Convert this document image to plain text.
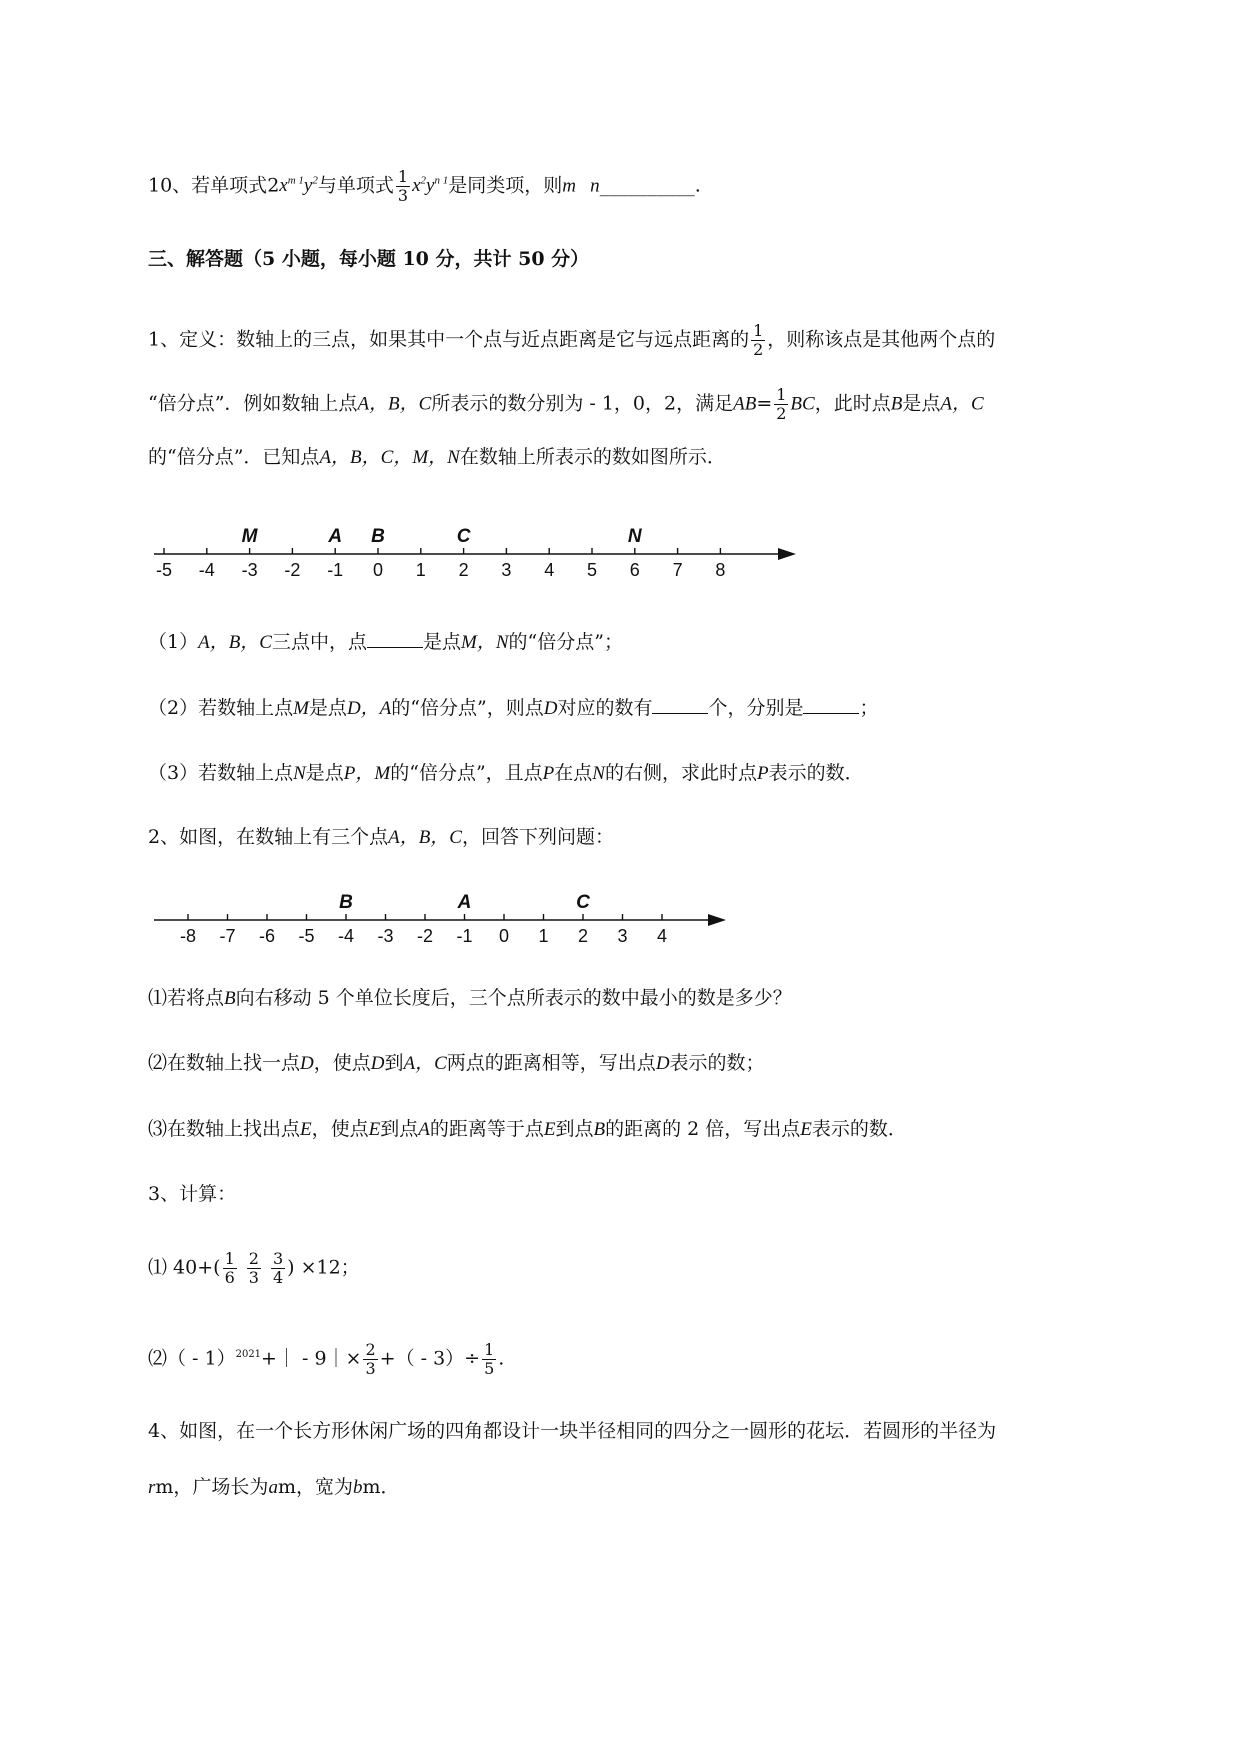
10、若单项式$2x^{m 1}y^2$与单项式 $\frac{1}{3} x^2y^{n 1}$是同类项，则m   n__________.
三、解答题（5 小题，每小题 10 分，共计 50 分）
1、定义：数轴上的三点，如果其中一个点与近点距离是它与远点距离的 $\frac{1}{2}$ ，则称该点是其他两个点的
“倍分点”．例如数轴上点A，B，C所表示的数分别为 - 1，0，2，满足$AB= \frac{1}{2}$ BC，此时点B是点A，C
的“倍分点”．已知点A，B，C，M，N在数轴上所表示的数如图所示．
-5 -4 -3 -2 -1 0 1 2 3 4 5 6 7 8
M	A B	C	N
（1）A，B，C三点中，点	是点M，N的“倍分点”；
（2）若数轴上点M是点D，A的“倍分点”，则点D对应的数有	个，分别是	；
（3）若数轴上点N是点P，M的“倍分点”，且点P在点N的右侧，求此时点P表示的数．
2、如图，在数轴上有三个点A，B，C，回答下列问题：
-8 -7 -6 -5 -4 -3 -2 -1 0 1 2 3 4
B	A	C
⑴若将点B向右移动 5 个单位长度后，三个点所表示的数中最小的数是多少？
⑵在数轴上找一点D，使点D到A，C两点的距离相等，写出点D表示的数；
⑶在数轴上找出点E，使点E到点A的距离等于点E到点B的距离的 2 倍，写出点E表示的数．
3、计算：
⑴ $40+( \frac{1}{6} \frac{2}{3} \frac{3}{4}$ ) ×12；
⑵（ - 1）$^{2021}$+｜ - 9｜× $\frac{2}{3}$ +（ - $3)\div \frac{1}{5}$ .
4、如图，在一个长方形休闲广场的四角都设计一块半径相同的四分之一圆形的花坛．若圆形的半径为
rm，广场长为am，宽为bm．
